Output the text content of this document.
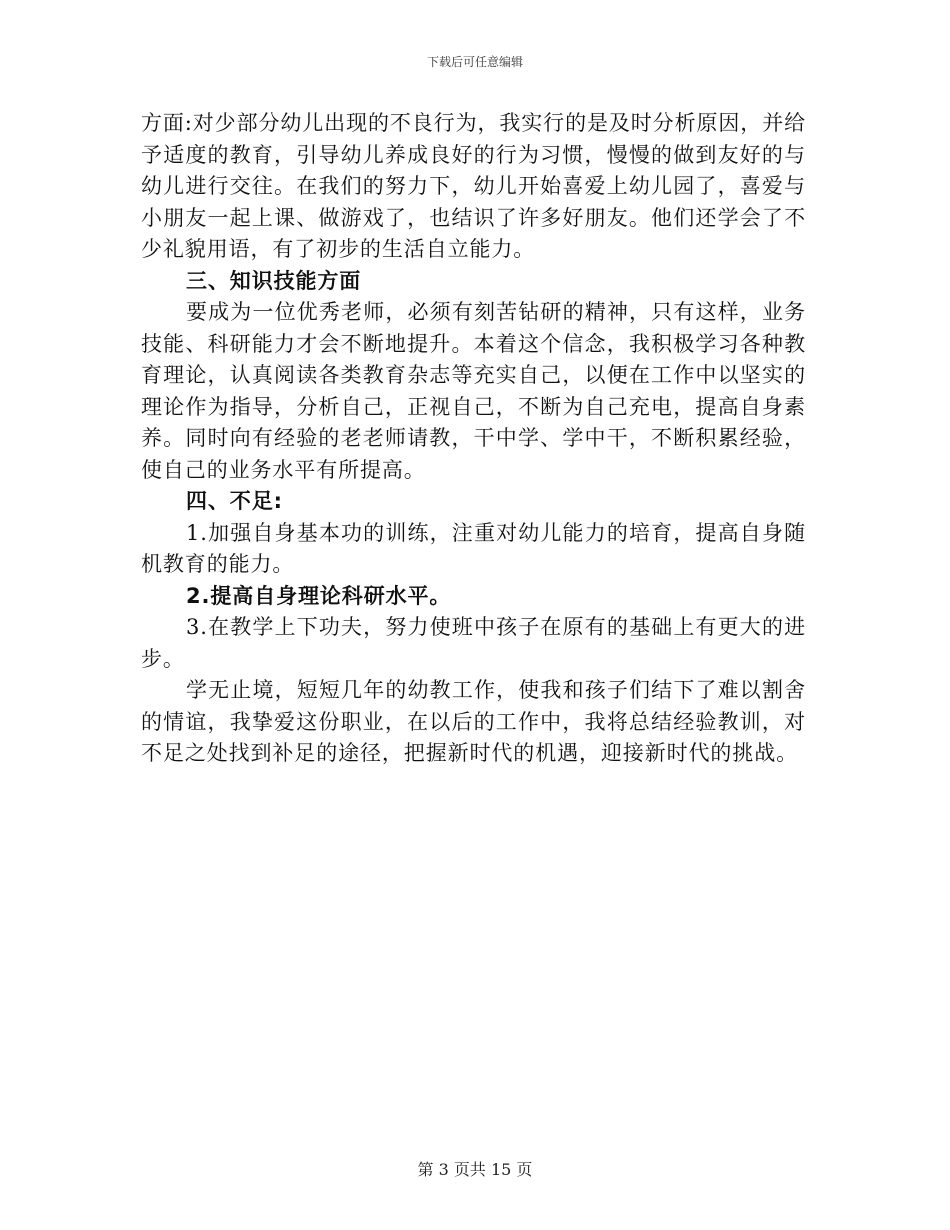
下载后可任意编辑

方面:对少部分幼儿出现的不良行为，我实行的是及时分析原因，并给予适度的教育，引导幼儿养成良好的行为习惯，慢慢的做到友好的与幼儿进行交往。在我们的努力下，幼儿开始喜爱上幼儿园了，喜爱与小朋友一起上课、做游戏了，也结识了许多好朋友。他们还学会了不少礼貌用语，有了初步的生活自立能力。

三、知识技能方面

要成为一位优秀老师，必须有刻苦钻研的精神，只有这样，业务技能、科研能力才会不断地提升。本着这个信念，我积极学习各种教育理论，认真阅读各类教育杂志等充实自己，以便在工作中以坚实的理论作为指导，分析自己，正视自己，不断为自己充电，提高自身素养。同时向有经验的老老师请教，干中学、学中干，不断积累经验，使自己的业务水平有所提高。

四、不足:

1.加强自身基本功的训练，注重对幼儿能力的培育，提高自身随机教育的能力。

2.提高自身理论科研水平。

3.在教学上下功夫，努力使班中孩子在原有的基础上有更大的进步。

学无止境，短短几年的幼教工作，使我和孩子们结下了难以割舍的情谊，我挚爱这份职业，在以后的工作中，我将总结经验教训，对不足之处找到补足的途径，把握新时代的机遇，迎接新时代的挑战。

第 3 页共 15 页
